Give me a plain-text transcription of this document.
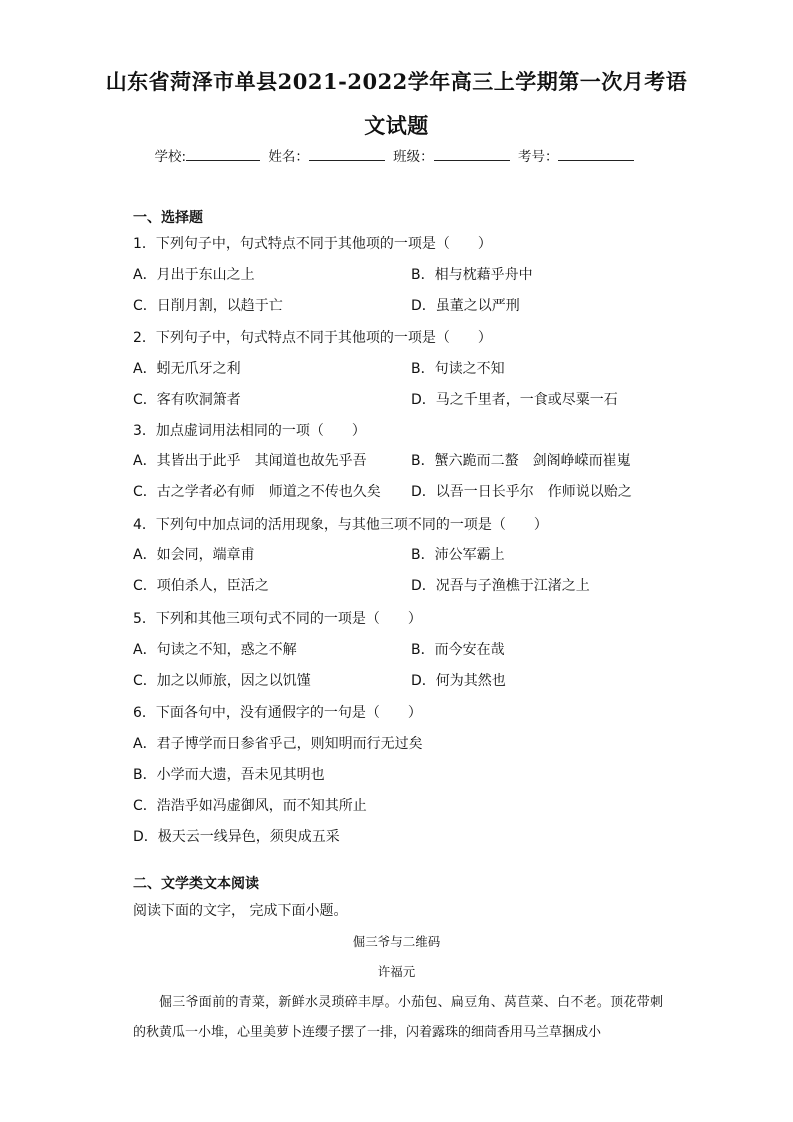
山东省菏泽市单县2021-2022学年高三上学期第一次月考语
文试题
学校:	姓名：	班级：	考号：
一、选择题
1．下列句子中，句式特点不同于其他项的一项是（　　）
A．月出于东山之上	B．相与枕藉乎舟中
C．日削月割，以趋于亡	D．虽董之以严刑
2．下列句子中，句式特点不同于其他项的一项是（　　）
A．蚓无爪牙之利	B．句读之不知
C．客有吹洞箫者	D．马之千里者，一食或尽粟一石
3．加点虚词用法相同的一项（　　）
A．其皆出于此乎　其闻道也故先乎吾	B．蟹六跪而二螯　剑阁峥嵘而崔嵬
C．古之学者必有师　师道之不传也久矣 D．以吾一日长乎尔　作师说以贻之
4．下列句中加点词的活用现象，与其他三项不同的一项是（　　）
A．如会同，端章甫	B．沛公军霸上
C．项伯杀人，臣活之	D．况吾与子渔樵于江渚之上
5．下列和其他三项句式不同的一项是（　　）
A．句读之不知，惑之不解	B．而今安在哉
C．加之以师旅，因之以饥馑	D．何为其然也
6．下面各句中，没有通假字的一句是（　　）
A．君子博学而日参省乎己，则知明而行无过矣
B．小学而大遗，吾未见其明也
C．浩浩乎如冯虚御风，而不知其所止
D．极天云一线异色，须臾成五采
二、文学类文本阅读
阅读下面的文字， 完成下面小题。
倔三爷与二维码
许福元
倔三爷面前的青菜，新鲜水灵琐碎丰厚。小茄包、扁豆角、莴苣菜、白不老。顶花带刺的秋黄瓜一小堆，心里美萝卜连缨子摆了一排，闪着露珠的细茼香用马兰草捆成小
